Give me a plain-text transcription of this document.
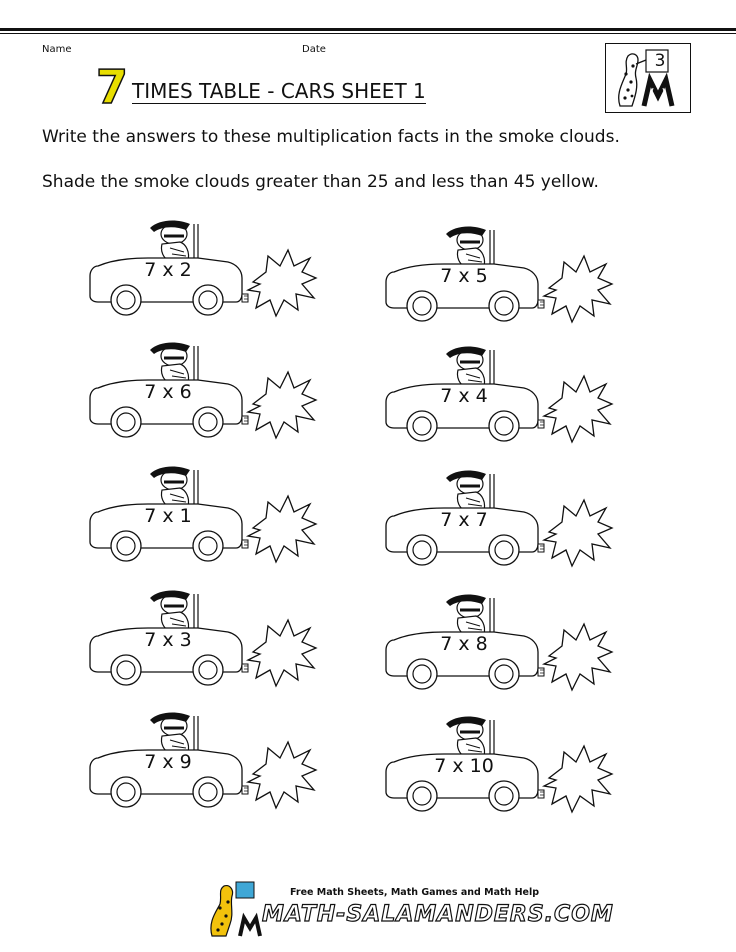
Name	Date
7 TIMES TABLE - CARS SHEET 1
3
Write the answers to these multiplication facts in the smoke clouds.
Shade the smoke clouds greater than 25 and less than 45 yellow.
7 x 2	7 x 5
7 x 6	7 x 4
7 x 1	7 x 7
7 x 3	7 x 8
7 x 9	7 x 10
Free Math Sheets, Math Games and Math Help
MATH-SALAMANDERS.COM
